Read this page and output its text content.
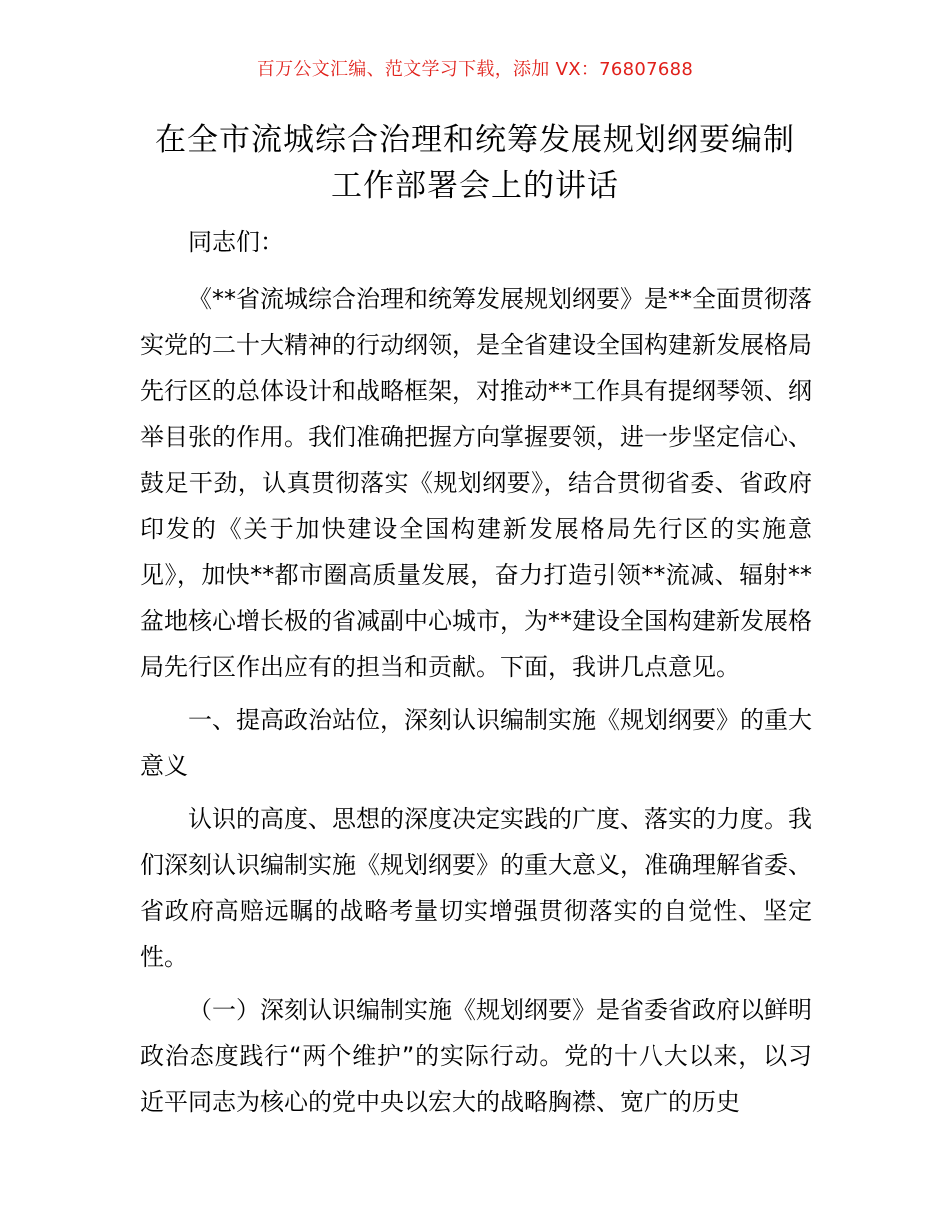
百万公文汇编、范文学习下载，添加 VX：76807688
在全市流城综合治理和统筹发展规划纲要编制
工作部署会上的讲话

同志们：

《**省流城综合治理和统筹发展规划纲要》是**全面贯彻落实党的二十大精神的行动纲领，是全省建设全国构建新发展格局先行区的总体设计和战略框架，对推动**工作具有提纲琴领、纲举目张的作用。我们准确把握方向掌握要领，进一步坚定信心、鼓足干劲，认真贯彻落实《规划纲要》，结合贯彻省委、省政府印发的《关于加快建设全国构建新发展格局先行区的实施意见》，加快**都市圈高质量发展，奋力打造引领**流减、辐射**盆地核心增长极的省减副中心城市，为**建设全国构建新发展格局先行区作出应有的担当和贡献。下面，我讲几点意见。

一、提高政治站位，深刻认识编制实施《规划纲要》的重大意义

认识的高度、思想的深度决定实践的广度、落实的力度。我们深刻认识编制实施《规划纲要》的重大意义，准确理解省委、省政府高赔远瞩的战略考量切实增强贯彻落实的自觉性、坚定性。

（一）深刻认识编制实施《规划纲要》是省委省政府以鲜明政治态度践行“两个维护”的实际行动。党的十八大以来，以习近平同志为核心的党中央以宏大的战略胸襟、宽广的历史
